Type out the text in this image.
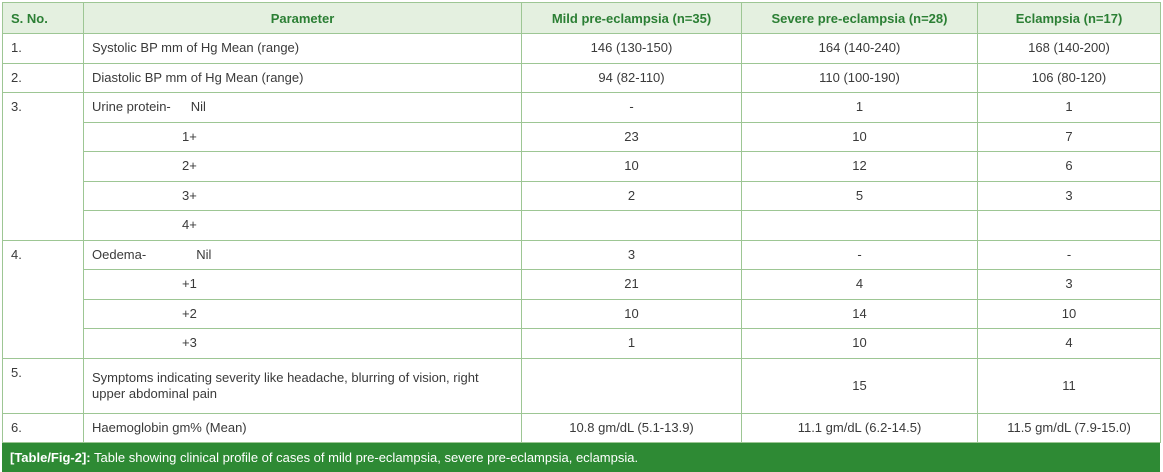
S. No.	Parameter	Mild pre-eclampsia (n=35)	Severe pre-eclampsia (n=28)	Eclampsia (n=17)
1.	Systolic BP mm of Hg Mean (range)	146 (130-150)	164 (140-240)	168 (140-200)
2.	Diastolic BP mm of Hg Mean (range)	94 (82-110)	110 (100-190)	106 (80-120)
3.	Urine protein- Nil	-	1	1
	1+	23	10	7
	2+	10	12	6
	3+	2	5	3
	4+			
4.	Oedema- Nil	3	-	-
	+1	21	4	3
	+2	10	14	10
	+3	1	10	4
5.	Symptoms indicating severity like headache, blurring of vision, right upper abdominal pain		15	11
6.	Haemoglobin gm% (Mean)	10.8 gm/dL (5.1-13.9)	11.1 gm/dL (6.2-14.5)	11.5 gm/dL (7.9-15.0)
[Table/Fig-2]: Table showing clinical profile of cases of mild pre-eclampsia, severe pre-eclampsia, eclampsia.
